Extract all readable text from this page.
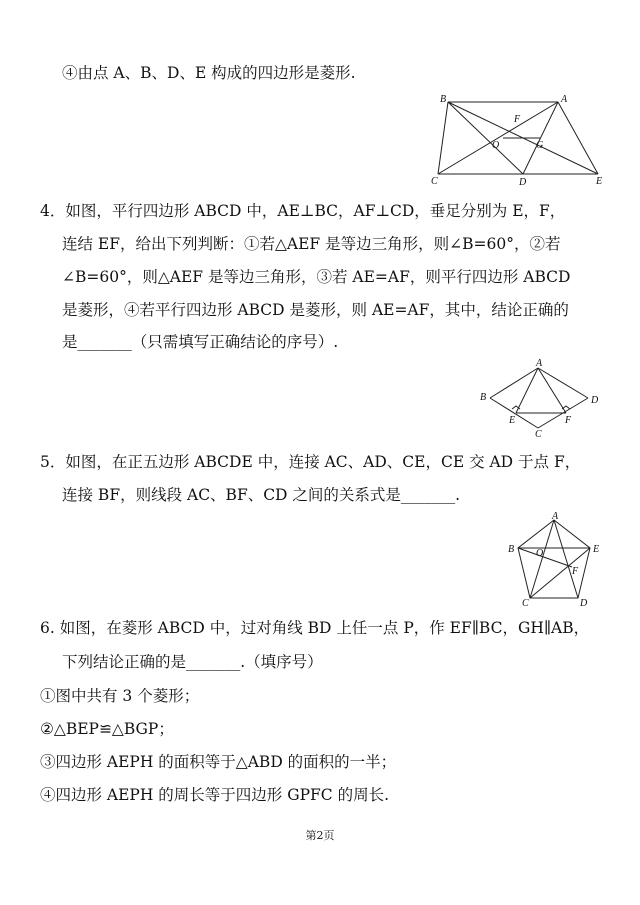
④由点 A、B、D、E 构成的四边形是菱形.
B	A
F
O	G
C	D	E
4．如图，平行四边形 ABCD 中，AE⊥BC，AF⊥CD，垂足分别为 E，F，
连结 EF，给出下列判断：①若△AEF 是等边三角形，则∠B=60°，②若
∠B=60°，则△AEF 是等边三角形，③若 AE=AF，则平行四边形 ABCD
是菱形，④若平行四边形 ABCD 是菱形，则 AE=AF，其中，结论正确的
是_______（只需填写正确结论的序号）.
A
B	D
E	F
C
5．如图，在正五边形 ABCDE 中，连接 AC、AD、CE，CE 交 AD 于点 F，
连接 BF，则线段 AC、BF、CD 之间的关系式是_______.
A
B O	E
F
C	D
6. 如图，在菱形 ABCD 中，过对角线 BD 上任一点 P，作 EF∥BC，GH∥AB，
下列结论正确的是_______.（填序号）
①图中共有 3 个菱形；
②△BEP≌△BGP；
③四边形 AEPH 的面积等于△ABD 的面积的一半；
④四边形 AEPH 的周长等于四边形 GPFC 的周长.
第2页
